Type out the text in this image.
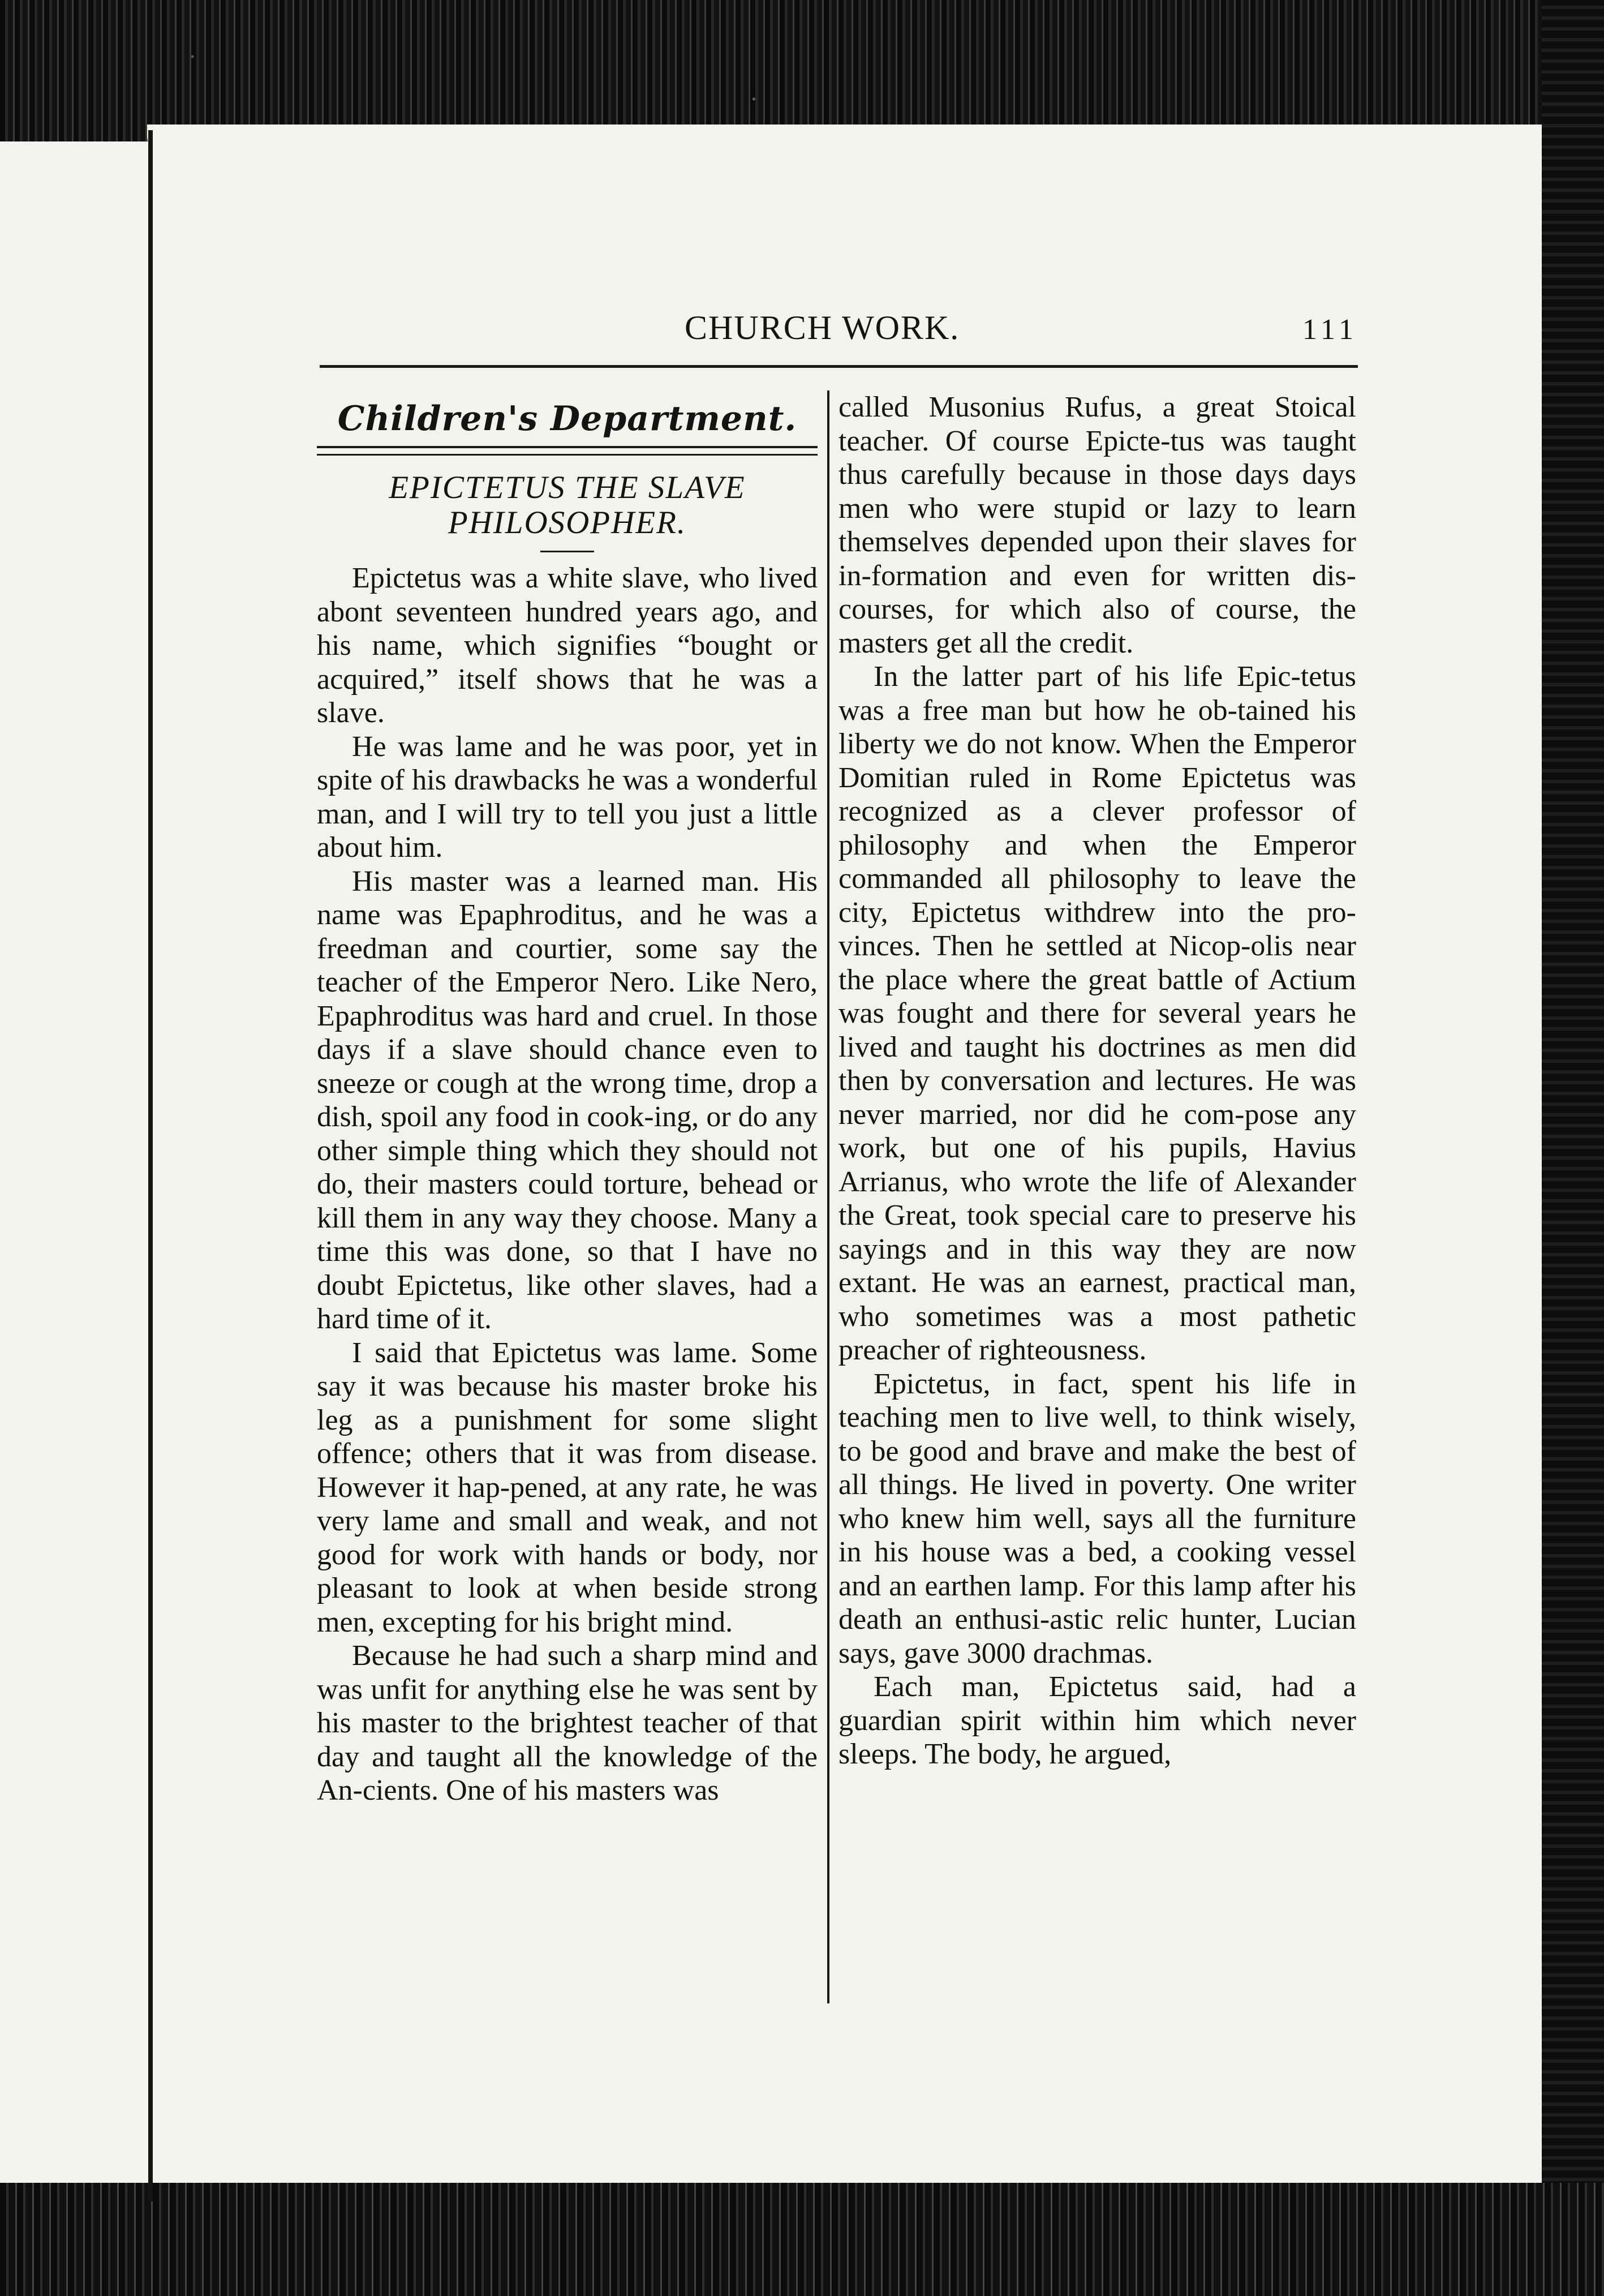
CHURCH WORK.	111
Children's Department.
EPICTETUS THE SLAVE
PHILOSOPHER.

Epictetus was a white slave, who lived abont seventeen hundred years ago, and his name, which signifies “bought or acquired,” itself shows that he was a slave.

He was lame and he was poor, yet in spite of his drawbacks he was a wonderful man, and I will try to tell you just a little about him.

His master was a learned man. His name was Epaphroditus, and he was a freedman and courtier, some say the teacher of the Emperor Nero. Like Nero, Epaphroditus was hard and cruel. In those days if a slave should chance even to sneeze or cough at the wrong time, drop a dish, spoil any food in cook-ing, or do any other simple thing which they should not do, their masters could torture, behead or kill them in any way they choose. Many a time this was done, so that I have no doubt Epictetus, like other slaves, had a hard time of it.

I said that Epictetus was lame. Some say it was because his master broke his leg as a punishment for some slight offence; others that it was from disease. However it hap-pened, at any rate, he was very lame and small and weak, and not good for work with hands or body, nor pleasant to look at when beside strong men, excepting for his bright mind.

Because he had such a sharp mind and was unfit for anything else he was sent by his master to the brightest teacher of that day and taught all the knowledge of the An-cients. One of his masters was

called Musonius Rufus, a great Stoical teacher. Of course Epicte-tus was taught thus carefully because in those days days men who were stupid or lazy to learn themselves depended upon their slaves for in-formation and even for written dis-courses, for which also of course, the masters get all the credit.

In the latter part of his life Epic-tetus was a free man but how he ob-tained his liberty we do not know. When the Emperor Domitian ruled in Rome Epictetus was recognized as a clever professor of philosophy and when the Emperor commanded all philosophy to leave the city, Epictetus withdrew into the pro-vinces. Then he settled at Nicop-olis near the place where the great battle of Actium was fought and there for several years he lived and taught his doctrines as men did then by conversation and lectures. He was never married, nor did he com-pose any work, but one of his pupils, Havius Arrianus, who wrote the life of Alexander the Great, took special care to preserve his sayings and in this way they are now extant. He was an earnest, practical man, who sometimes was a most pathetic preacher of righteousness.

Epictetus, in fact, spent his life in teaching men to live well, to think wisely, to be good and brave and make the best of all things. He lived in poverty. One writer who knew him well, says all the furniture in his house was a bed, a cooking vessel and an earthen lamp. For this lamp after his death an enthusi-astic relic hunter, Lucian says, gave 3000 drachmas.

Each man, Epictetus said, had a guardian spirit within him which never sleeps. The body, he argued,
